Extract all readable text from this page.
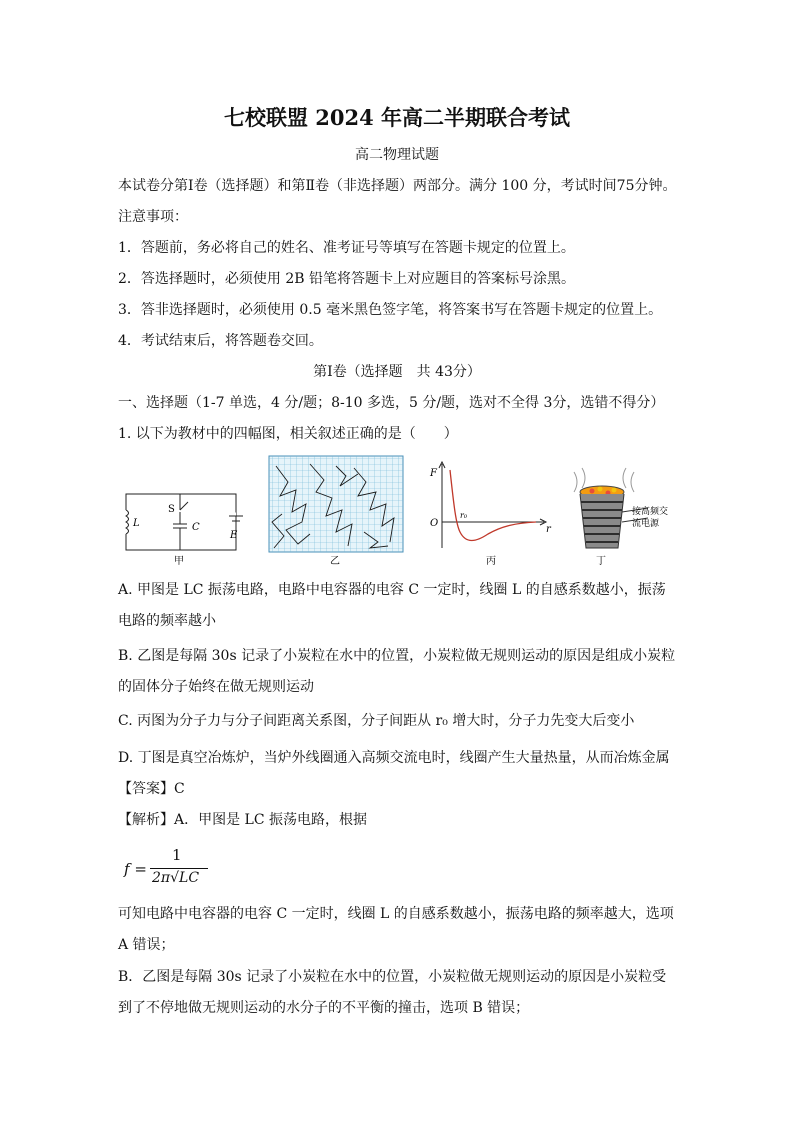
七校联盟 2024 年高二半期联合考试
高二物理试题
本试卷分第Ⅰ卷（选择题）和第Ⅱ卷（非选择题）两部分。满分 100 分，考试时间75分钟。
注意事项：
1．答题前，务必将自己的姓名、准考证号等填写在答题卡规定的位置上。
2．答选择题时，必须使用 2B 铅笔将答题卡上对应题目的答案标号涂黑。
3．答非选择题时，必须使用 0.5 毫米黑色签字笔，将答案书写在答题卡规定的位置上。
4．考试结束后，将答题卷交回。
第Ⅰ卷（选择题　共 43分）
一、选择题（1-7 单选，4 分/题；8-10 多选，5 分/题，选对不全得 3分，选错不得分）
1. 以下为教材中的四幅图，相关叙述正确的是（　　）
L
S
C
E
甲	乙
F
O
r₀
r
丙
接高频交
流电源
丁
A. 甲图是 LC 振荡电路，电路中电容器的电容 C 一定时，线圈 L 的自感系数越小，振荡
电路的频率越小
B. 乙图是每隔 30s 记录了小炭粒在水中的位置，小炭粒做无规则运动的原因是组成小炭粒
的固体分子始终在做无规则运动
C. 丙图为分子力与分子间距离关系图，分子间距从 r₀ 增大时，分子力先变大后变小
D. 丁图是真空冶炼炉，当炉外线圈通入高频交流电时，线圈产生大量热量，从而冶炼金属
【答案】C
【解析】A．甲图是 LC 振荡电路，根据
f =
1
2π√LC
可知电路中电容器的电容 C 一定时，线圈 L 的自感系数越小，振荡电路的频率越大，选项
A 错误；
B．乙图是每隔 30s 记录了小炭粒在水中的位置，小炭粒做无规则运动的原因是小炭粒受
到了不停地做无规则运动的水分子的不平衡的撞击，选项 B 错误；
